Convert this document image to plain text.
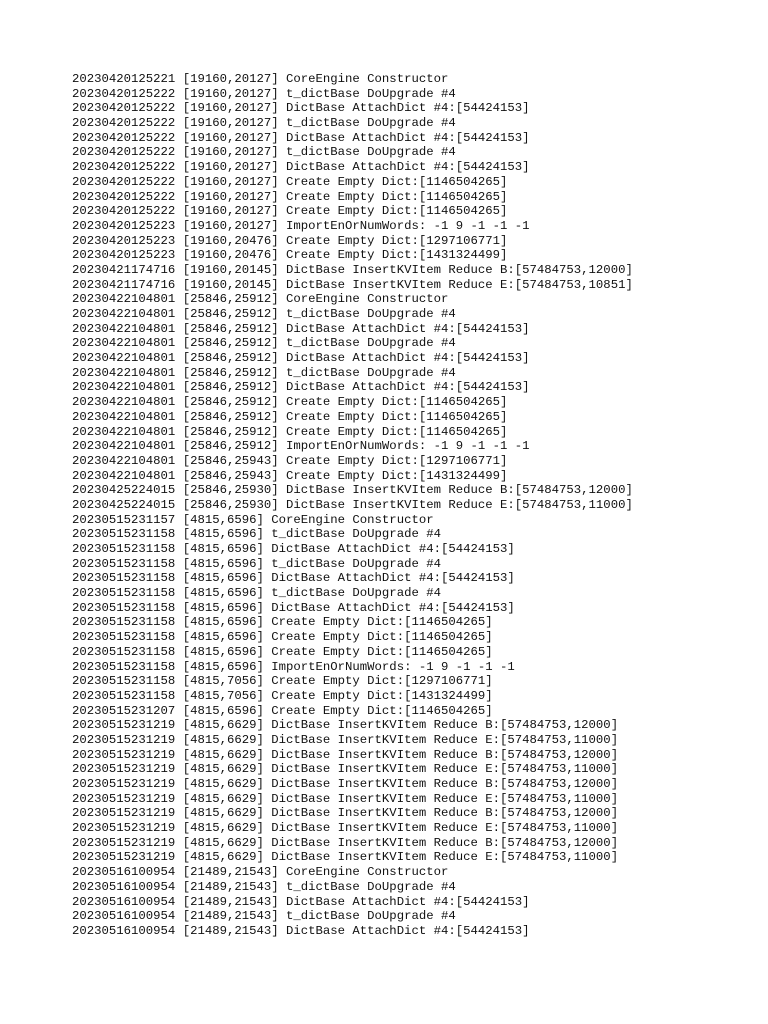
20230420125221 [19160,20127] CoreEngine Constructor
20230420125222 [19160,20127] t_dictBase DoUpgrade #4
20230420125222 [19160,20127] DictBase AttachDict #4:[54424153]
20230420125222 [19160,20127] t_dictBase DoUpgrade #4
20230420125222 [19160,20127] DictBase AttachDict #4:[54424153]
20230420125222 [19160,20127] t_dictBase DoUpgrade #4
20230420125222 [19160,20127] DictBase AttachDict #4:[54424153]
20230420125222 [19160,20127] Create Empty Dict:[1146504265]
20230420125222 [19160,20127] Create Empty Dict:[1146504265]
20230420125222 [19160,20127] Create Empty Dict:[1146504265]
20230420125223 [19160,20127] ImportEnOrNumWords: -1 9 -1 -1 -1
20230420125223 [19160,20476] Create Empty Dict:[1297106771]
20230420125223 [19160,20476] Create Empty Dict:[1431324499]
20230421174716 [19160,20145] DictBase InsertKVItem Reduce B:[57484753,12000]
20230421174716 [19160,20145] DictBase InsertKVItem Reduce E:[57484753,10851]
20230422104801 [25846,25912] CoreEngine Constructor
20230422104801 [25846,25912] t_dictBase DoUpgrade #4
20230422104801 [25846,25912] DictBase AttachDict #4:[54424153]
20230422104801 [25846,25912] t_dictBase DoUpgrade #4
20230422104801 [25846,25912] DictBase AttachDict #4:[54424153]
20230422104801 [25846,25912] t_dictBase DoUpgrade #4
20230422104801 [25846,25912] DictBase AttachDict #4:[54424153]
20230422104801 [25846,25912] Create Empty Dict:[1146504265]
20230422104801 [25846,25912] Create Empty Dict:[1146504265]
20230422104801 [25846,25912] Create Empty Dict:[1146504265]
20230422104801 [25846,25912] ImportEnOrNumWords: -1 9 -1 -1 -1
20230422104801 [25846,25943] Create Empty Dict:[1297106771]
20230422104801 [25846,25943] Create Empty Dict:[1431324499]
20230425224015 [25846,25930] DictBase InsertKVItem Reduce B:[57484753,12000]
20230425224015 [25846,25930] DictBase InsertKVItem Reduce E:[57484753,11000]
20230515231157 [4815,6596] CoreEngine Constructor
20230515231158 [4815,6596] t_dictBase DoUpgrade #4
20230515231158 [4815,6596] DictBase AttachDict #4:[54424153]
20230515231158 [4815,6596] t_dictBase DoUpgrade #4
20230515231158 [4815,6596] DictBase AttachDict #4:[54424153]
20230515231158 [4815,6596] t_dictBase DoUpgrade #4
20230515231158 [4815,6596] DictBase AttachDict #4:[54424153]
20230515231158 [4815,6596] Create Empty Dict:[1146504265]
20230515231158 [4815,6596] Create Empty Dict:[1146504265]
20230515231158 [4815,6596] Create Empty Dict:[1146504265]
20230515231158 [4815,6596] ImportEnOrNumWords: -1 9 -1 -1 -1
20230515231158 [4815,7056] Create Empty Dict:[1297106771]
20230515231158 [4815,7056] Create Empty Dict:[1431324499]
20230515231207 [4815,6596] Create Empty Dict:[1146504265]
20230515231219 [4815,6629] DictBase InsertKVItem Reduce B:[57484753,12000]
20230515231219 [4815,6629] DictBase InsertKVItem Reduce E:[57484753,11000]
20230515231219 [4815,6629] DictBase InsertKVItem Reduce B:[57484753,12000]
20230515231219 [4815,6629] DictBase InsertKVItem Reduce E:[57484753,11000]
20230515231219 [4815,6629] DictBase InsertKVItem Reduce B:[57484753,12000]
20230515231219 [4815,6629] DictBase InsertKVItem Reduce E:[57484753,11000]
20230515231219 [4815,6629] DictBase InsertKVItem Reduce B:[57484753,12000]
20230515231219 [4815,6629] DictBase InsertKVItem Reduce E:[57484753,11000]
20230515231219 [4815,6629] DictBase InsertKVItem Reduce B:[57484753,12000]
20230515231219 [4815,6629] DictBase InsertKVItem Reduce E:[57484753,11000]
20230516100954 [21489,21543] CoreEngine Constructor
20230516100954 [21489,21543] t_dictBase DoUpgrade #4
20230516100954 [21489,21543] DictBase AttachDict #4:[54424153]
20230516100954 [21489,21543] t_dictBase DoUpgrade #4
20230516100954 [21489,21543] DictBase AttachDict #4:[54424153]
